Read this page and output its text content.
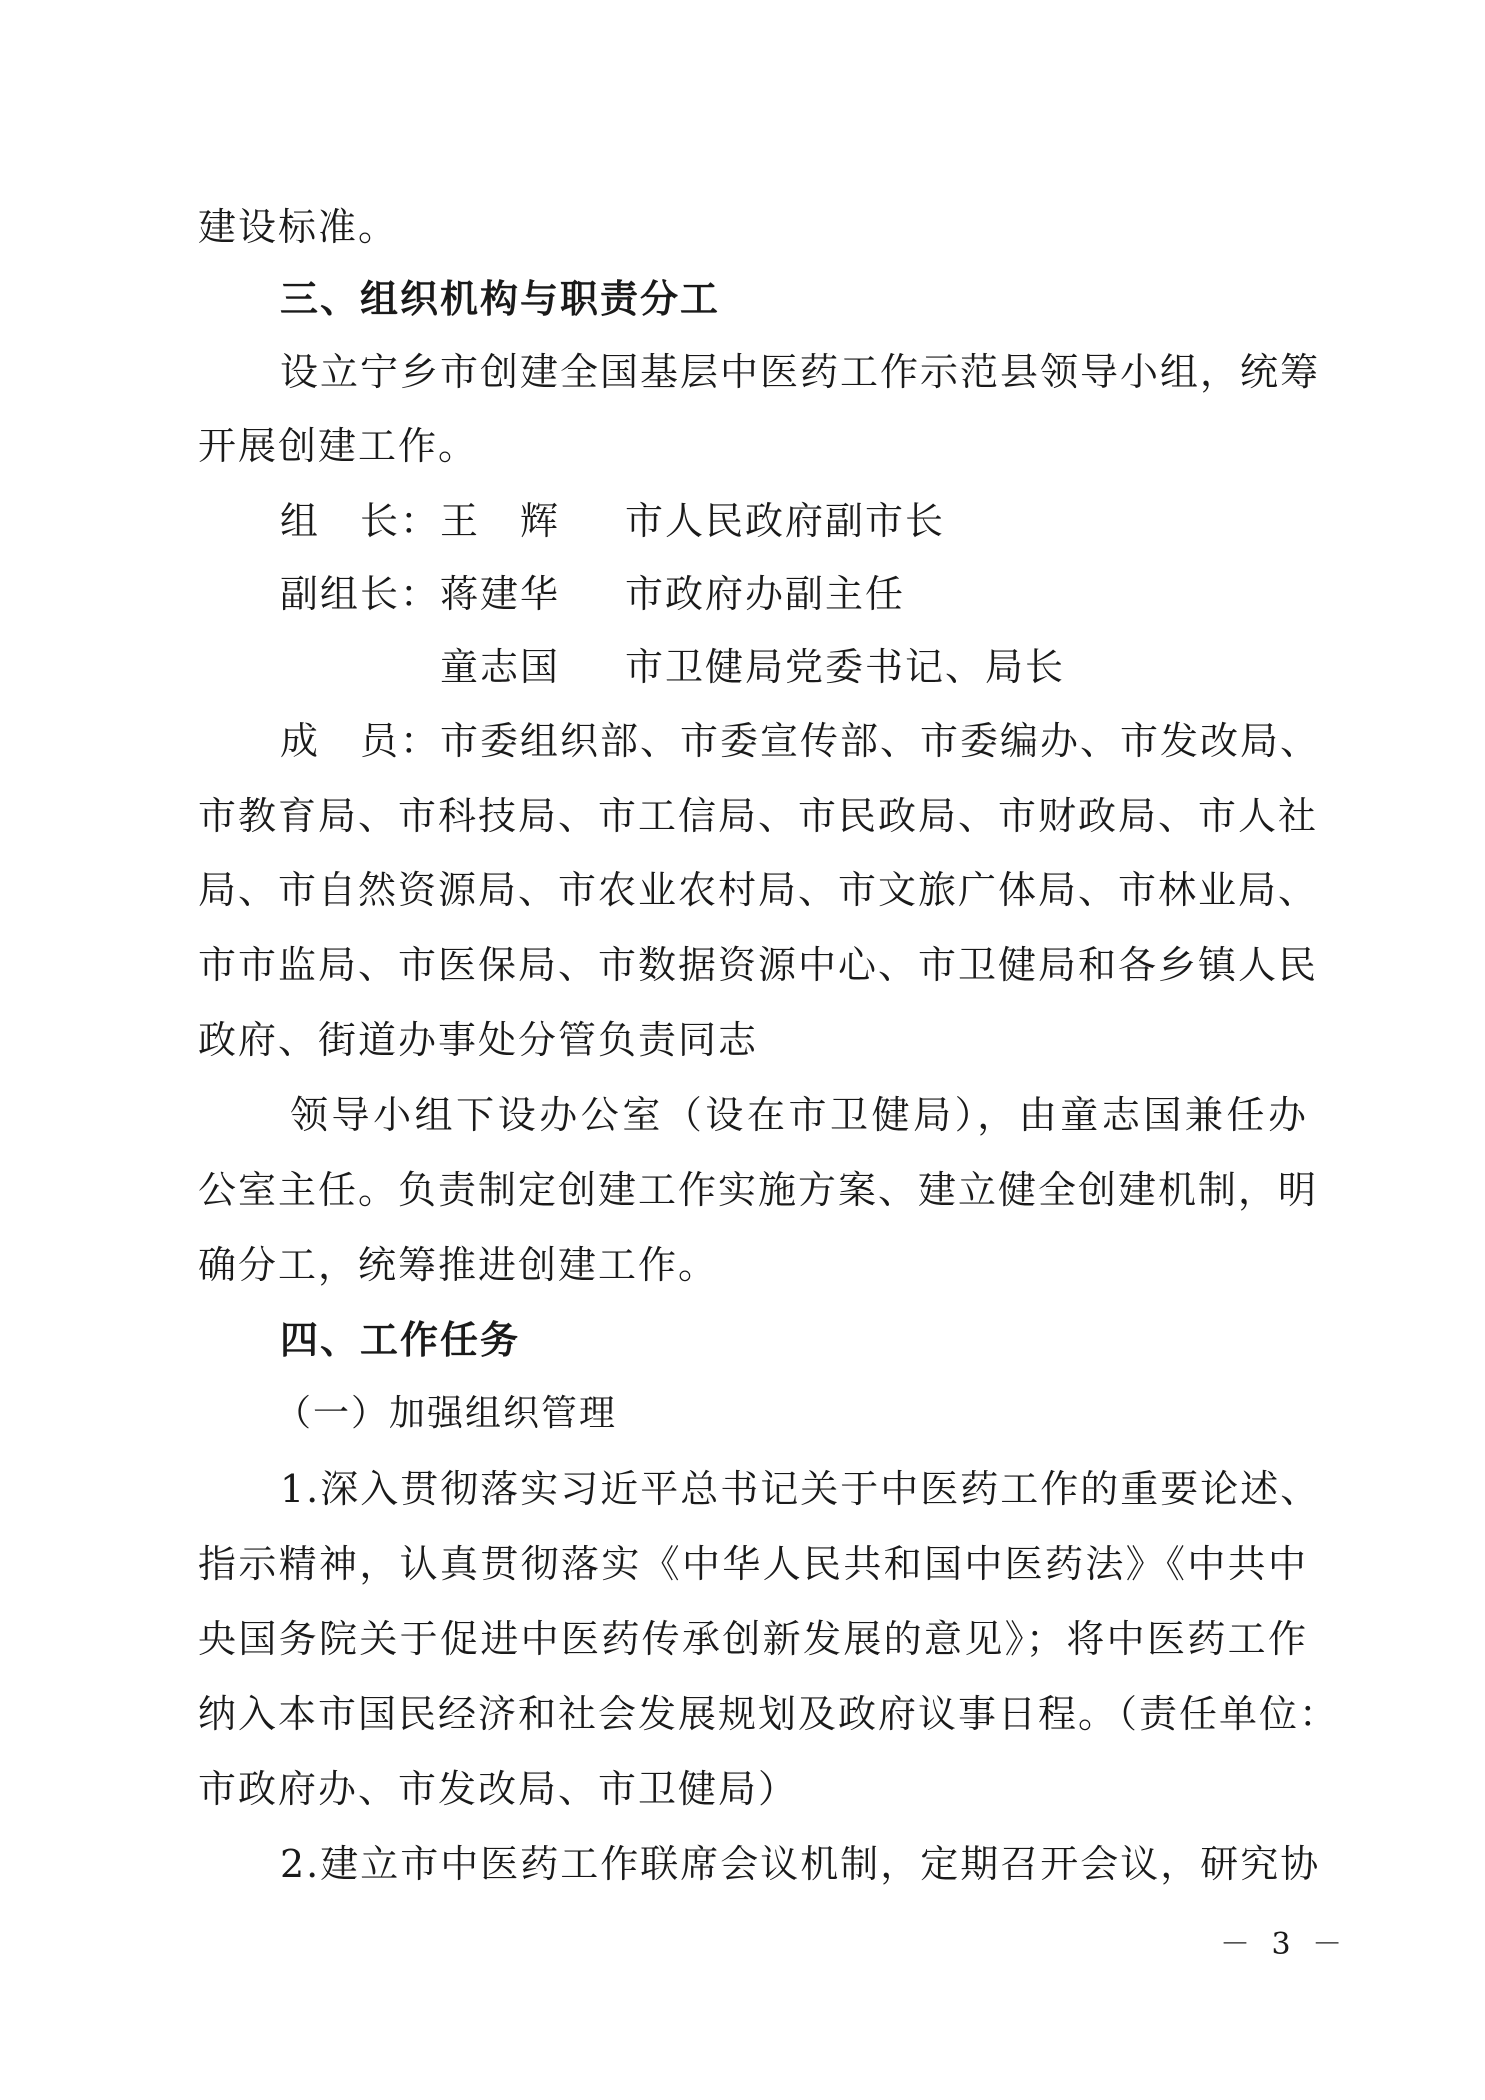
建设标准。
三、组织机构与职责分工
设立宁乡市创建全国基层中医药工作示范县领导小组，统筹
开展创建工作。
组　长： 王　辉 市人民政府副市长
副组长： 蒋建华 市政府办副主任
童志国 市卫健局党委书记、局长
成　员：市委组织部、市委宣传部、市委编办、市发改局、
市教育局、市科技局、市工信局、市民政局、市财政局、市人社
局、市自然资源局、市农业农村局、市文旅广体局、市林业局、
市市监局、市医保局、市数据资源中心、市卫健局和各乡镇人民
政府、街道办事处分管负责同志
领导小组下设办公室（设在市卫健局），由童志国兼任办
公室主任。负责制定创建工作实施方案、建立健全创建机制，明
确分工，统筹推进创建工作。
四、工作任务
（一）加强组织管理
1.深入贯彻落实习近平总书记关于中医药工作的重要论述、
指示精神，认真贯彻落实《中华人民共和国中医药法》《中共中
央国务院关于促进中医药传承创新发展的意见》；将中医药工作
纳入本市国民经济和社会发展规划及政府议事日程。（责任单位：
市政府办、市发改局、市卫健局）
2.建立市中医药工作联席会议机制，定期召开会议，研究协
－ 3 －
